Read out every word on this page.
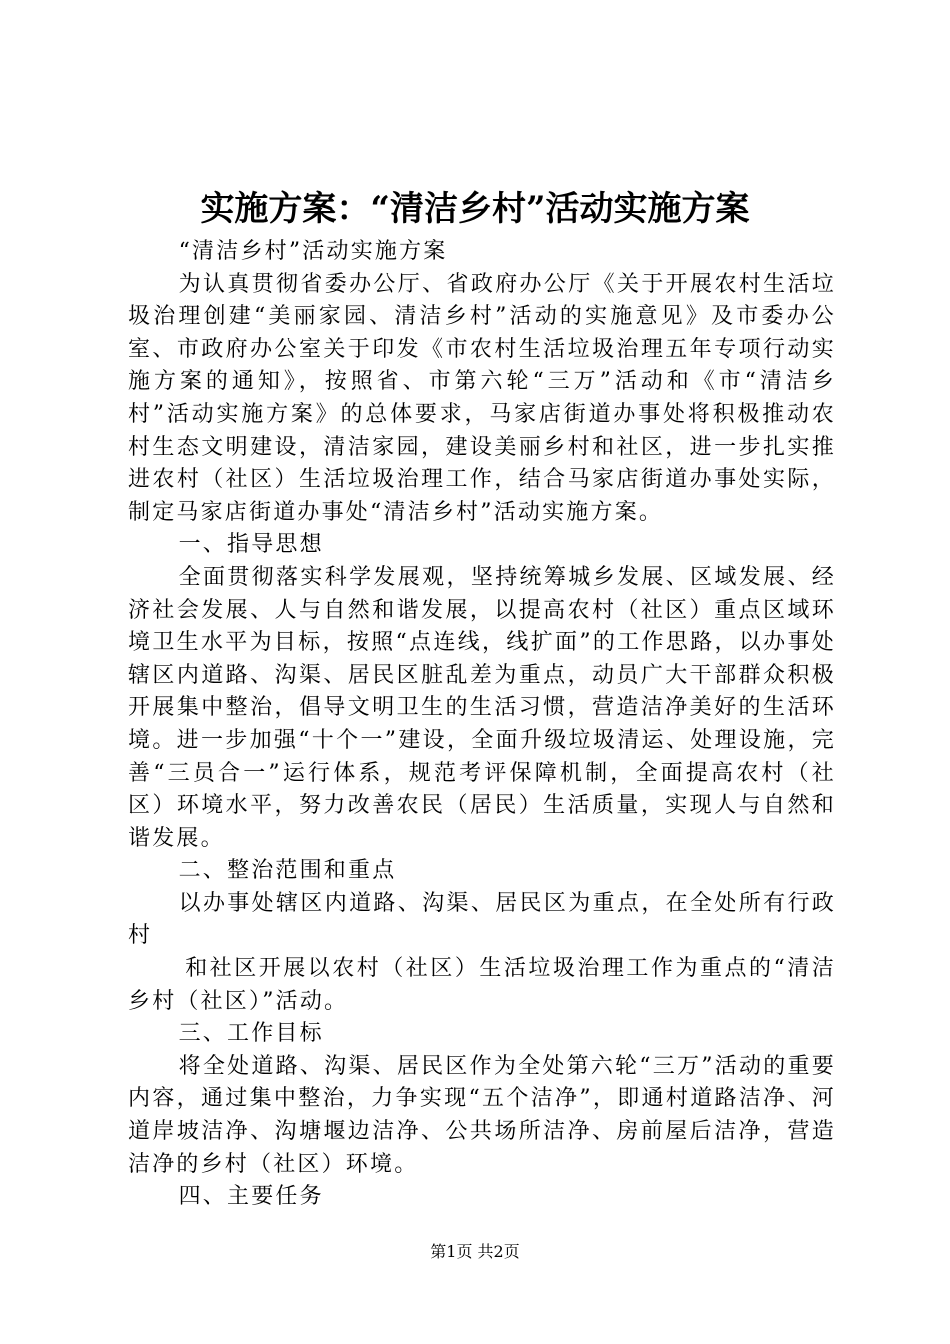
实施方案：“清洁乡村”活动实施方案

“清洁乡村”活动实施方案

为认真贯彻省委办公厅、省政府办公厅《关于开展农村生活垃圾治理创建“美丽家园、清洁乡村”活动的实施意见》及市委办公室、市政府办公室关于印发《市农村生活垃圾治理五年专项行动实施方案的通知》，按照省、市第六轮“三万”活动和《市“清洁乡村”活动实施方案》的总体要求，马家店街道办事处将积极推动农村生态文明建设，清洁家园，建设美丽乡村和社区，进一步扎实推进农村（社区）生活垃圾治理工作，结合马家店街道办事处实际，制定马家店街道办事处“清洁乡村”活动实施方案。

一、指导思想

全面贯彻落实科学发展观，坚持统筹城乡发展、区域发展、经济社会发展、人与自然和谐发展，以提高农村（社区）重点区域环境卫生水平为目标，按照“点连线，线扩面”的工作思路，以办事处辖区内道路、沟渠、居民区脏乱差为重点，动员广大干部群众积极开展集中整治，倡导文明卫生的生活习惯，营造洁净美好的生活环境。进一步加强“十个一”建设，全面升级垃圾清运、处理设施，完善“三员合一”运行体系，规范考评保障机制，全面提高农村（社区）环境水平，努力改善农民（居民）生活质量，实现人与自然和谐发展。

二、整治范围和重点

以办事处辖区内道路、沟渠、居民区为重点，在全处所有行政村

和社区开展以农村（社区）生活垃圾治理工作为重点的“清洁乡村（社区）”活动。

三、工作目标

将全处道路、沟渠、居民区作为全处第六轮“三万”活动的重要内容，通过集中整治，力争实现“五个洁净”，即通村道路洁净、河道岸坡洁净、沟塘堰边洁净、公共场所洁净、房前屋后洁净，营造洁净的乡村（社区）环境。

四、主要任务

第1页 共2页
